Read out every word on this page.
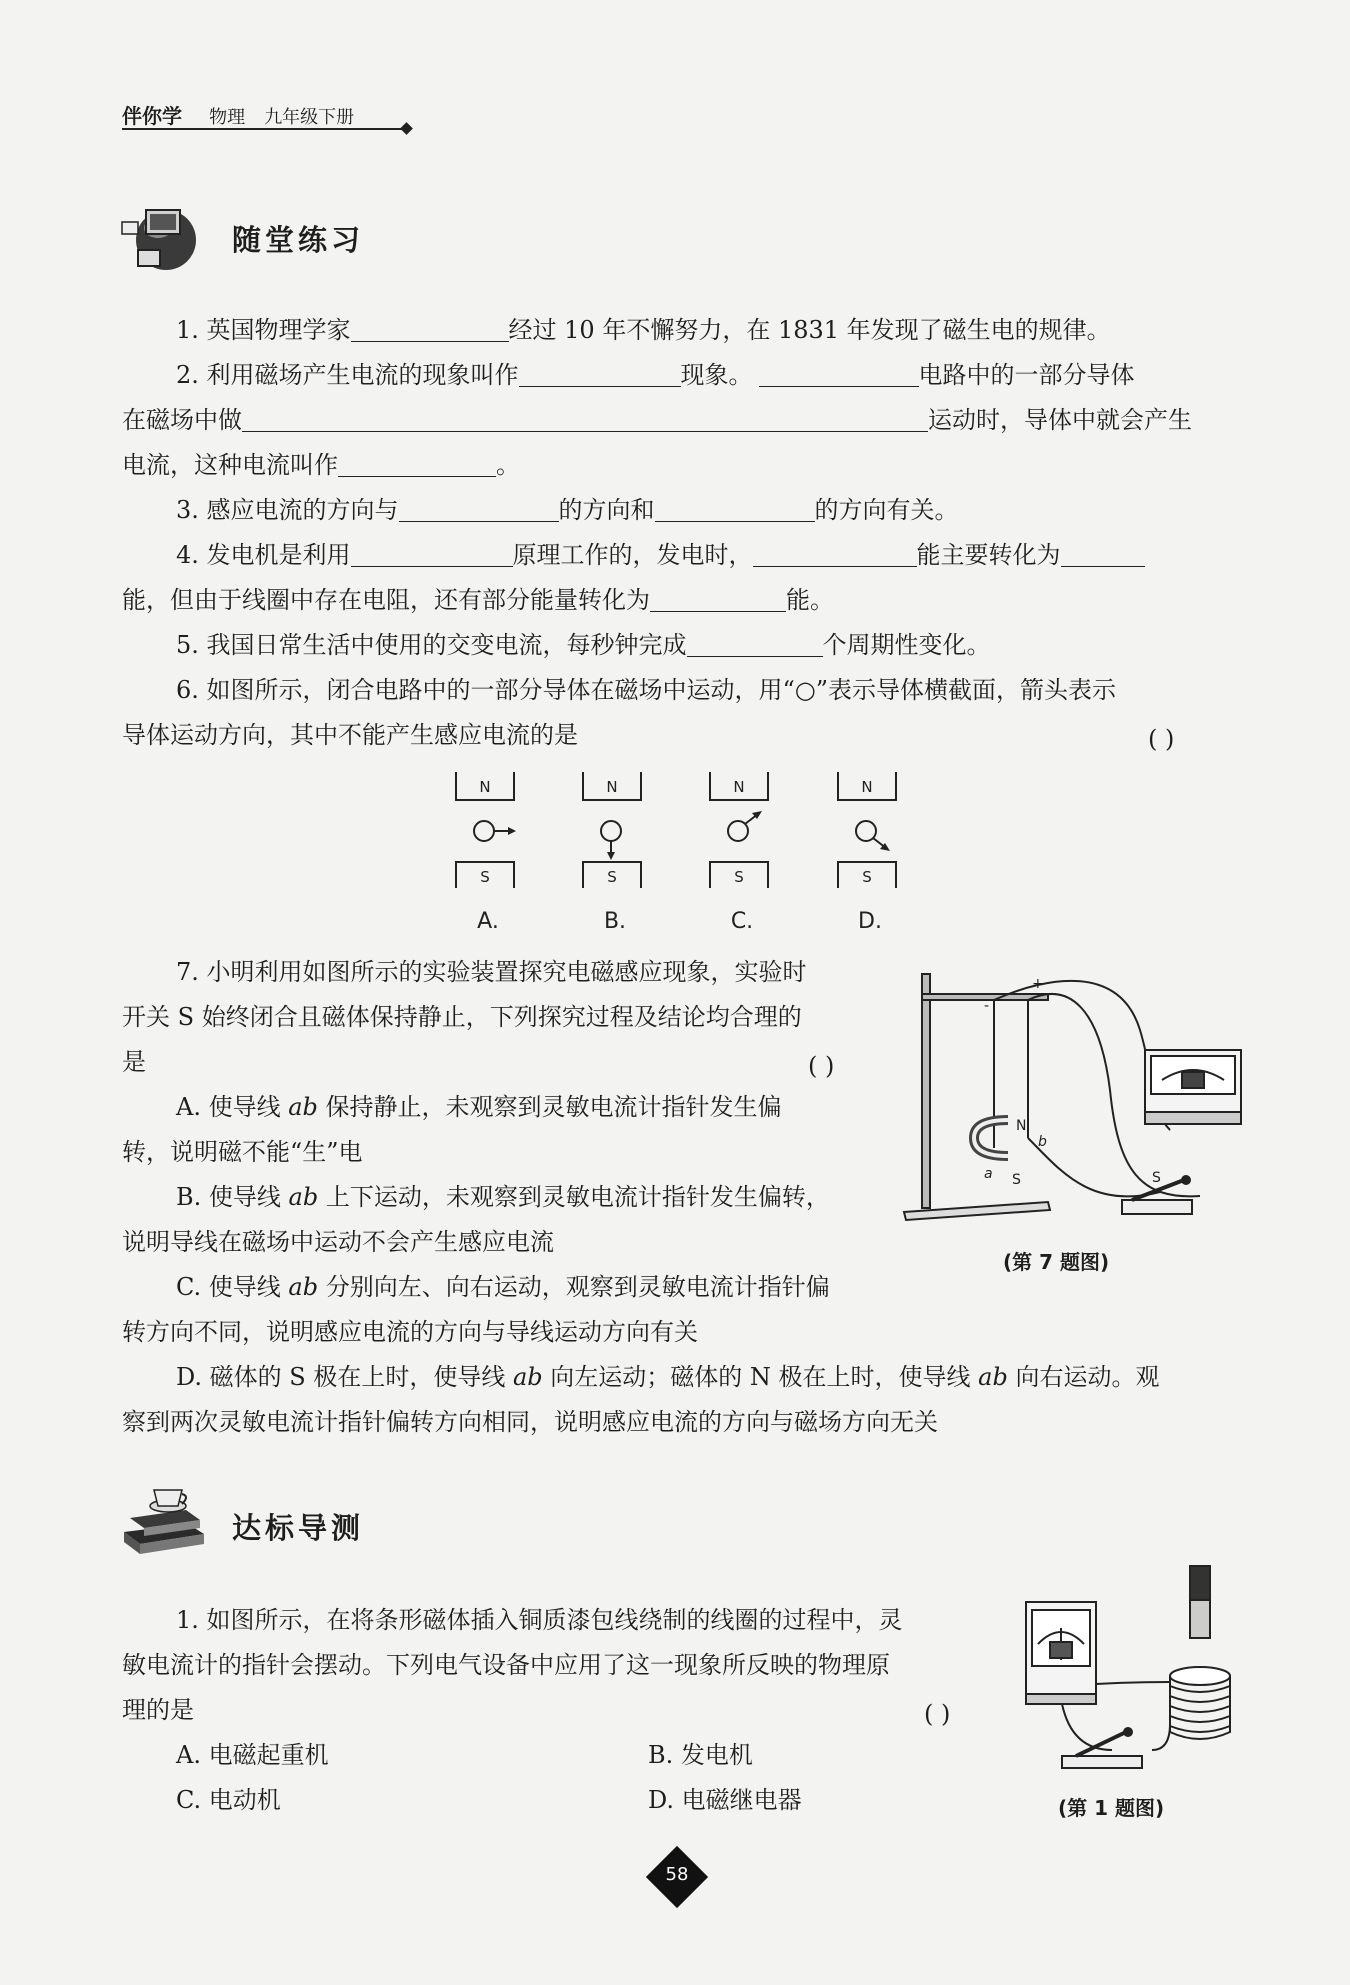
伴你学 物理 九年级下册
随堂练习
1. 英国物理学家	经过 10 年不懈努力，在 1831 年发现了磁生电的规律。
2. 利用磁场产生电流的现象叫作	现象。	电路中的一部分导体
在磁场中做	运动时，导体中就会产生
电流，这种电流叫作	。
3. 感应电流的方向与	的方向和	的方向有关。
4. 发电机是利用	原理工作的，发电时，	能主要转化为
能，但由于线圈中存在电阻，还有部分能量转化为	能。
5. 我国日常生活中使用的交变电流，每秒钟完成	个周期性变化。
6. 如图所示，闭合电路中的一部分导体在磁场中运动，用“○”表示导体横截面，箭头表示
导体运动方向，其中不能产生感应电流的是	( )
N	N	N	N
S	S	S	S
A.	B.	C.	D.
7. 小明利用如图所示的实验装置探究电磁感应现象，实验时
开关 S 始终闭合且磁体保持静止，下列探究过程及结论均合理的
是	( )
A. 使导线 ab 保持静止，未观察到灵敏电流计指针发生偏
转，说明磁不能“生”电
B. 使导线 ab 上下运动，未观察到灵敏电流计指针发生偏转，
说明导线在磁场中运动不会产生感应电流
C. 使导线 ab 分别向左、向右运动，观察到灵敏电流计指针偏
转方向不同，说明感应电流的方向与导线运动方向有关
D. 磁体的 S 极在上时，使导线 ab 向左运动；磁体的 N 极在上时，使导线 ab 向右运动。观
察到两次灵敏电流计指针偏转方向相同，说明感应电流的方向与磁场方向无关
+
-
N
S
a
b
S
(第 7 题图)
达标导测
1. 如图所示，在将条形磁体插入铜质漆包线绕制的线圈的过程中，灵
敏电流计的指针会摆动。下列电气设备中应用了这一现象所反映的物理原
理的是	( )
A. 电磁起重机	B. 发电机
C. 电动机	D. 电磁继电器	(第 1 题图)
58
